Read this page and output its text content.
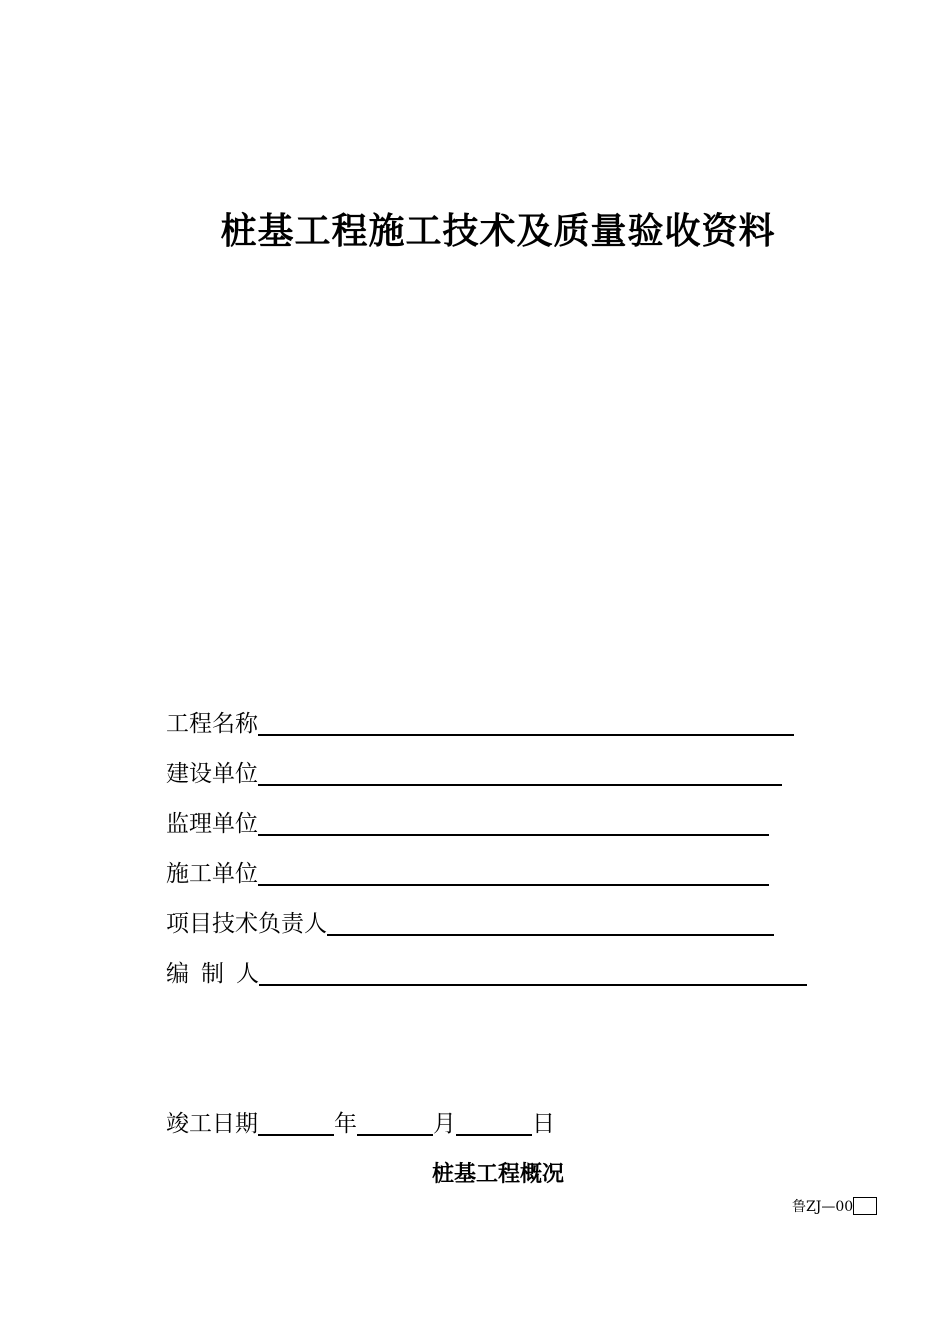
桩基工程施工技术及质量验收资料
工程名称
建设单位
监理单位
施工单位
项目技术负责人
编制人
竣工日期	年	月	日
桩基工程概况
鲁ZJ—00
